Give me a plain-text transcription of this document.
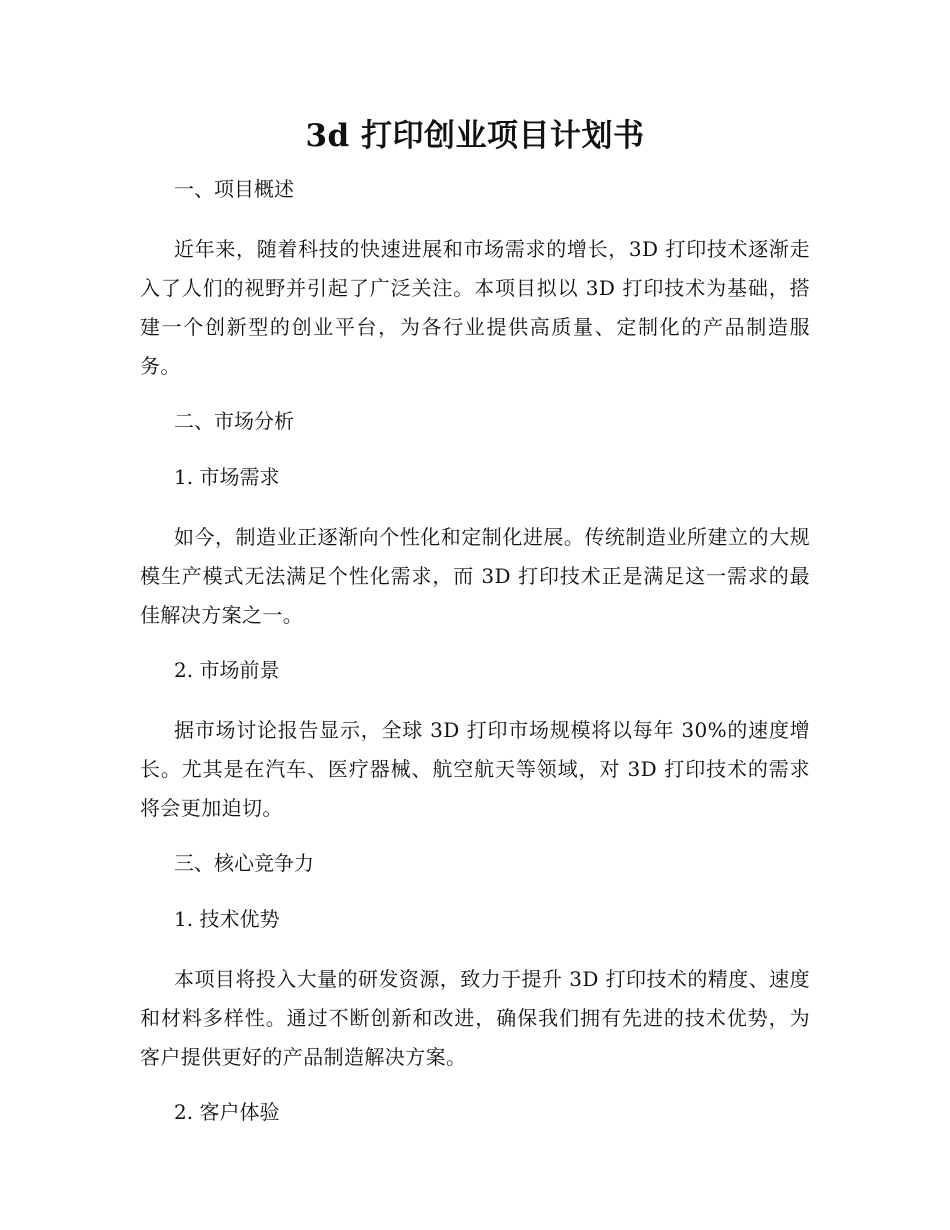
3d 打印创业项目计划书

一、项目概述

近年来，随着科技的快速进展和市场需求的增长，3D 打印技术逐渐走入了人们的视野并引起了广泛关注。本项目拟以 3D 打印技术为基础，搭建一个创新型的创业平台，为各行业提供高质量、定制化的产品制造服务。

二、市场分析

1. 市场需求

如今，制造业正逐渐向个性化和定制化进展。传统制造业所建立的大规模生产模式无法满足个性化需求，而 3D 打印技术正是满足这一需求的最佳解决方案之一。

2. 市场前景

据市场讨论报告显示，全球 3D 打印市场规模将以每年 30%的速度增长。尤其是在汽车、医疗器械、航空航天等领域，对 3D 打印技术的需求将会更加迫切。

三、核心竞争力

1. 技术优势

本项目将投入大量的研发资源，致力于提升 3D 打印技术的精度、速度和材料多样性。通过不断创新和改进，确保我们拥有先进的技术优势，为客户提供更好的产品制造解决方案。

2. 客户体验
